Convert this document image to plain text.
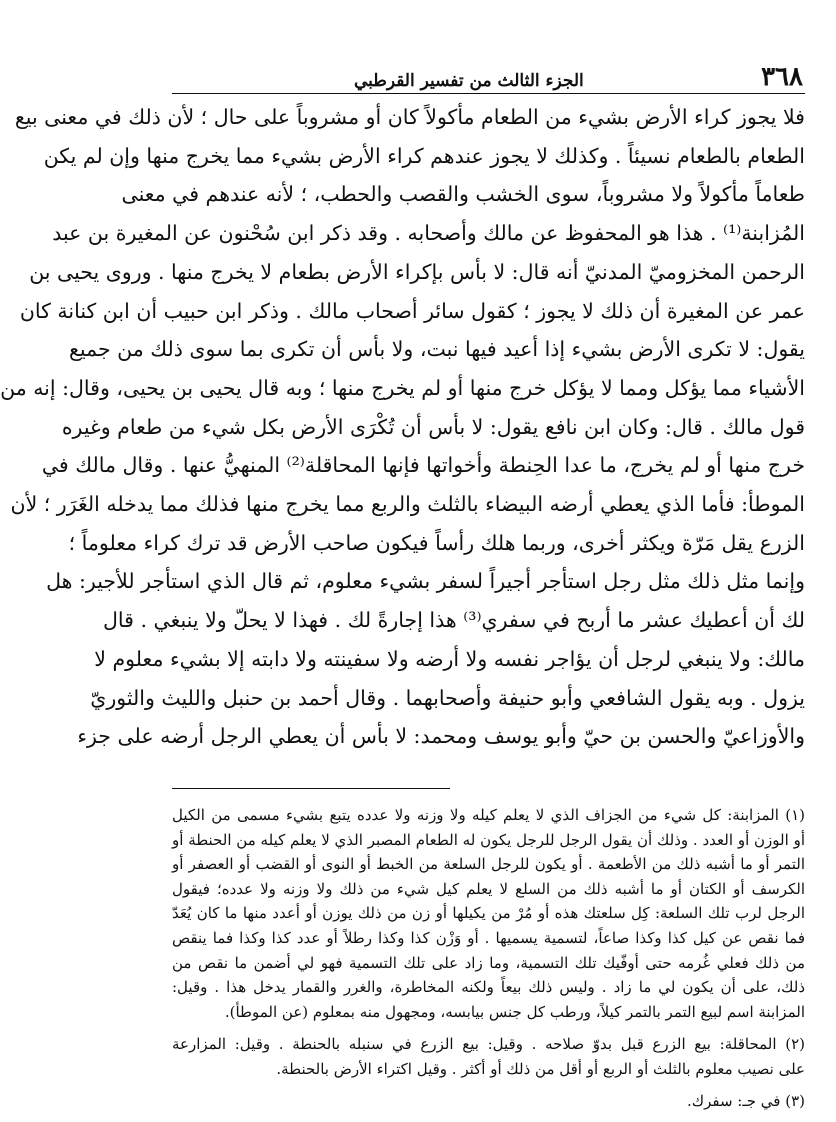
٣٦٨
الجزء الثالث من تفسير القرطبي
فلا يجوز كراء الأرض بشيء من الطعام مأكولاً كان أو مشروباً على حال ؛ لأن ذلك في معنى بيع
الطعام بالطعام نسيئاً . وكذلك لا يجوز عندهم كراء الأرض بشيء مما يخرج منها وإن لم يكن
طعاماً مأكولاً ولا مشروباً، سوى الخشب والقصب والحطب، ؛ لأنه عندهم في معنى
المُزابنة⁽¹⁾ . هذا هو المحفوظ عن مالك وأصحابه . وقد ذكر ابن سُحْنون عن المغيرة بن عبد
الرحمن المخزوميّ المدنيّ أنه قال: لا بأس بإكراء الأرض بطعام لا يخرج منها . وروى يحيى بن
عمر عن المغيرة أن ذلك لا يجوز ؛ كقول سائر أصحاب مالك . وذكر ابن حبيب أن ابن كنانة كان
يقول: لا تكرى الأرض بشيء إذا أعيد فيها نبت، ولا بأس أن تكرى بما سوى ذلك من جميع
الأشياء مما يؤكل ومما لا يؤكل خرج منها أو لم يخرج منها ؛ وبه قال يحيى بن يحيى، وقال: إنه من
قول مالك . قال: وكان ابن نافع يقول: لا بأس أن تُكْرَى الأرض بكل شيء من طعام وغيره
خرج منها أو لم يخرج، ما عدا الحِنطة وأخواتها فإنها المحاقلة⁽²⁾ المنهيُّ عنها . وقال مالك في
الموطأ: فأما الذي يعطي أرضه البيضاء بالثلث والربع مما يخرج منها فذلك مما يدخله الغَرَر ؛ لأن
الزرع يقل مَرّة ويكثر أخرى، وربما هلك رأساً فيكون صاحب الأرض قد ترك كراء معلوماً ؛
وإنما مثل ذلك مثل رجل استأجر أجيراً لسفر بشيء معلوم، ثم قال الذي استأجر للأجير: هل
لك أن أعطيك عشر ما أربح في سفري⁽³⁾ هذا إجارةً لك . فهذا لا يحلّ ولا ينبغي . قال
مالك: ولا ينبغي لرجل أن يؤاجر نفسه ولا أرضه ولا سفينته ولا دابته إلا بشيء معلوم لا
يزول . وبه يقول الشافعي وأبو حنيفة وأصحابهما . وقال أحمد بن حنبل والليث والثوريّ
والأوزاعيّ والحسن بن حيّ وأبو يوسف ومحمد: لا بأس أن يعطي الرجل أرضه على جزء
(١) المزابنة: كل شيء من الجزاف الذي لا يعلم كيله ولا وزنه ولا عدده يتبع بشيء مسمى من الكيل
أو الوزن أو العدد . وذلك أن يقول الرجل للرجل يكون له الطعام المصبر الذي لا يعلم كيله من الحنطة أو
التمر أو ما أشبه ذلك من الأطعمة . أو يكون للرجل السلعة من الخبط أو النوى أو القضب أو العصفر أو
الكرسف أو الكتان أو ما أشبه ذلك من السلع لا يعلم كيل شيء من ذلك ولا وزنه ولا عدده؛ فيقول
الرجل لرب تلك السلعة: كِل سلعتك هذه أو مُرْ من يكيلها أو زن من ذلك يوزن أو أعدد منها ما كان يُعَدّ
فما نقص عن كيل كذا وكذا صاعاً، لتسمية يسميها . أو وَزْن كذا وكذا رطلاً أو عدد كذا وكذا فما ينقص
من ذلك فعلي غُرمه حتى أوفّيك تلك التسمية، وما زاد على تلك التسمية فهو لي أضمن ما نقص من
ذلك، على أن يكون لي ما زاد . وليس ذلك بيعاً ولكنه المخاطرة، والغرر والقمار يدخل هذا . وقيل:
المزابنة اسم لبيع التمر بالتمر كيلاً، ورطب كل جنس بيابسه، ومجهول منه بمعلوم (عن الموطأ).
(٢) المحاقلة: بيع الزرع قبل بدوّ صلاحه . وقيل: بيع الزرع في سنبله بالحنطة . وقيل: المزارعة
على نصيب معلوم بالثلث أو الربع أو أقل من ذلك أو أكثر . وقيل اكتراء الأرض بالحنطة.
(٣) في جـ: سفرك.
